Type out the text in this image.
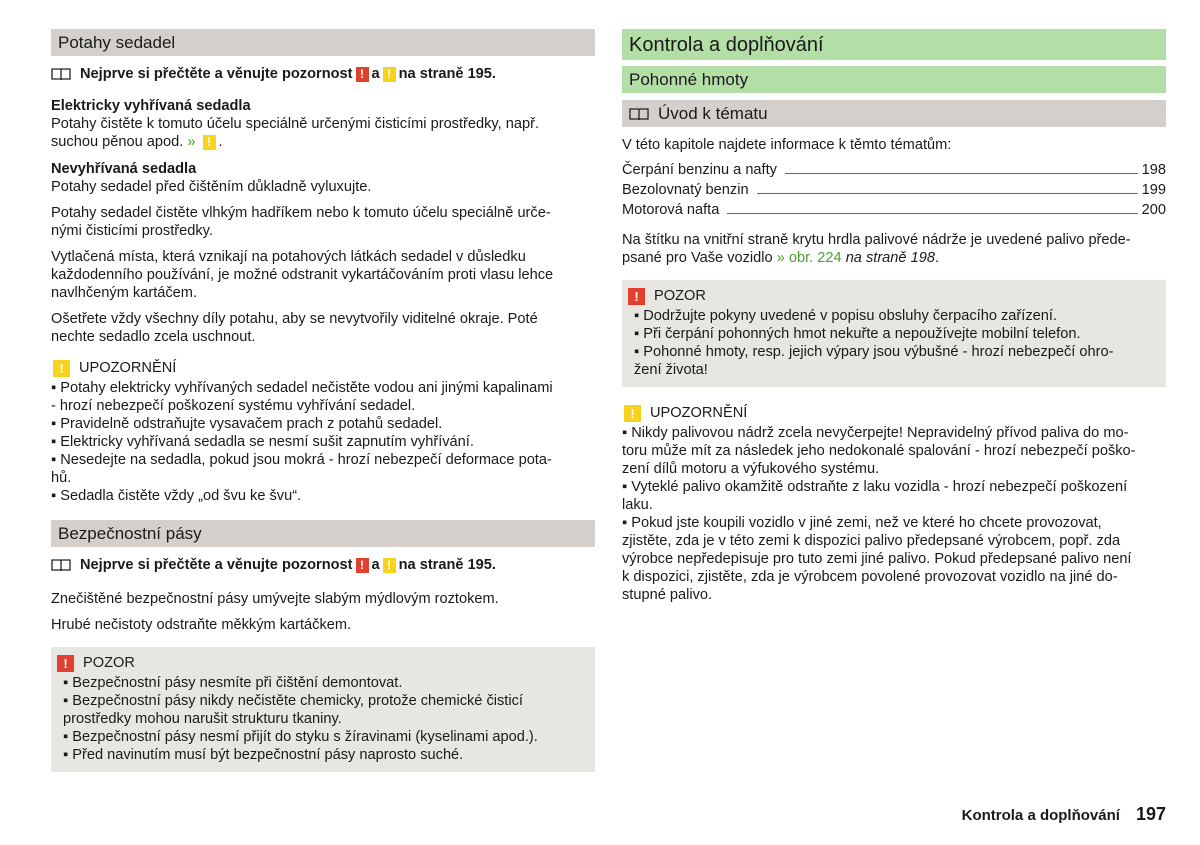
Potahy sedadel
Nejprve si přečtěte a věnujte pozornost ! a ! na straně 195.
Elektricky vyhřívaná sedadla
Potahy čistěte k tomuto účelu speciálně určenými čisticími prostředky, např.
suchou pěnou apod. » ! .
Nevyhřívaná sedadla
Potahy sedadel před čištěním důkladně vyluxujte.
Potahy sedadel čistěte vlhkým hadříkem nebo k tomuto účelu speciálně urče-
nými čisticími prostředky.
Vytlačená místa, která vznikají na potahových látkách sedadel v důsledku
každodenního používání, je možné odstranit vykartáčováním proti vlasu lehce
navlhčeným kartáčem.
Ošetřete vždy všechny díly potahu, aby se nevytvořily viditelné okraje. Poté
nechte sedadlo zcela uschnout.
!	UPOZORNĚNÍ
▪ Potahy elektricky vyhřívaných sedadel nečistěte vodou ani jinými kapalinami
- hrozí nebezpečí poškození systému vyhřívání sedadel.
▪ Pravidelně odstraňujte vysavačem prach z potahů sedadel.
▪ Elektricky vyhřívaná sedadla se nesmí sušit zapnutím vyhřívání.
▪ Nesedejte na sedadla, pokud jsou mokrá - hrozí nebezpečí deformace pota-
hů.
▪ Sedadla čistěte vždy „od švu ke švu“.
Bezpečnostní pásy
Nejprve si přečtěte a věnujte pozornost ! a ! na straně 195.
Znečištěné bezpečnostní pásy umývejte slabým mýdlovým roztokem.
Hrubé nečistoty odstraňte měkkým kartáčkem.
!	POZOR
▪ Bezpečnostní pásy nesmíte při čištění demontovat.
▪ Bezpečnostní pásy nikdy nečistěte chemicky, protože chemické čisticí
prostředky mohou narušit strukturu tkaniny.
▪ Bezpečnostní pásy nesmí přijít do styku s žíravinami (kyselinami apod.).
▪ Před navinutím musí být bezpečnostní pásy naprosto suché.
Kontrola a doplňování
Pohonné hmoty
Úvod k tématu
V této kapitole najdete informace k těmto tématům:
Čerpání benzinu a nafty	198
Bezolovnatý benzin	199
Motorová nafta	200
Na štítku na vnitřní straně krytu hrdla palivové nádrže je uvedené palivo přede-
psané pro Vaše vozidlo » obr. 224 na straně 198.
!	POZOR
▪ Dodržujte pokyny uvedené v popisu obsluhy čerpacího zařízení.
▪ Při čerpání pohonných hmot nekuřte a nepoužívejte mobilní telefon.
▪ Pohonné hmoty, resp. jejich výpary jsou výbušné - hrozí nebezpečí ohro-
žení života!
!	UPOZORNĚNÍ
▪ Nikdy palivovou nádrž zcela nevyčerpejte! Nepravidelný přívod paliva do mo-
toru může mít za následek jeho nedokonalé spalování - hrozí nebezpečí poško-
zení dílů motoru a výfukového systému.
▪ Vyteklé palivo okamžitě odstraňte z laku vozidla - hrozí nebezpečí poškození
laku.
▪ Pokud jste koupili vozidlo v jiné zemi, než ve které ho chcete provozovat,
zjistěte, zda je v této zemi k dispozici palivo předepsané výrobcem, popř. zda
výrobce nepředepisuje pro tuto zemi jiné palivo. Pokud předepsané palivo není
k dispozici, zjistěte, zda je výrobcem povolené provozovat vozidlo na jiné do-
stupné palivo.
Kontrola a doplňování 197
